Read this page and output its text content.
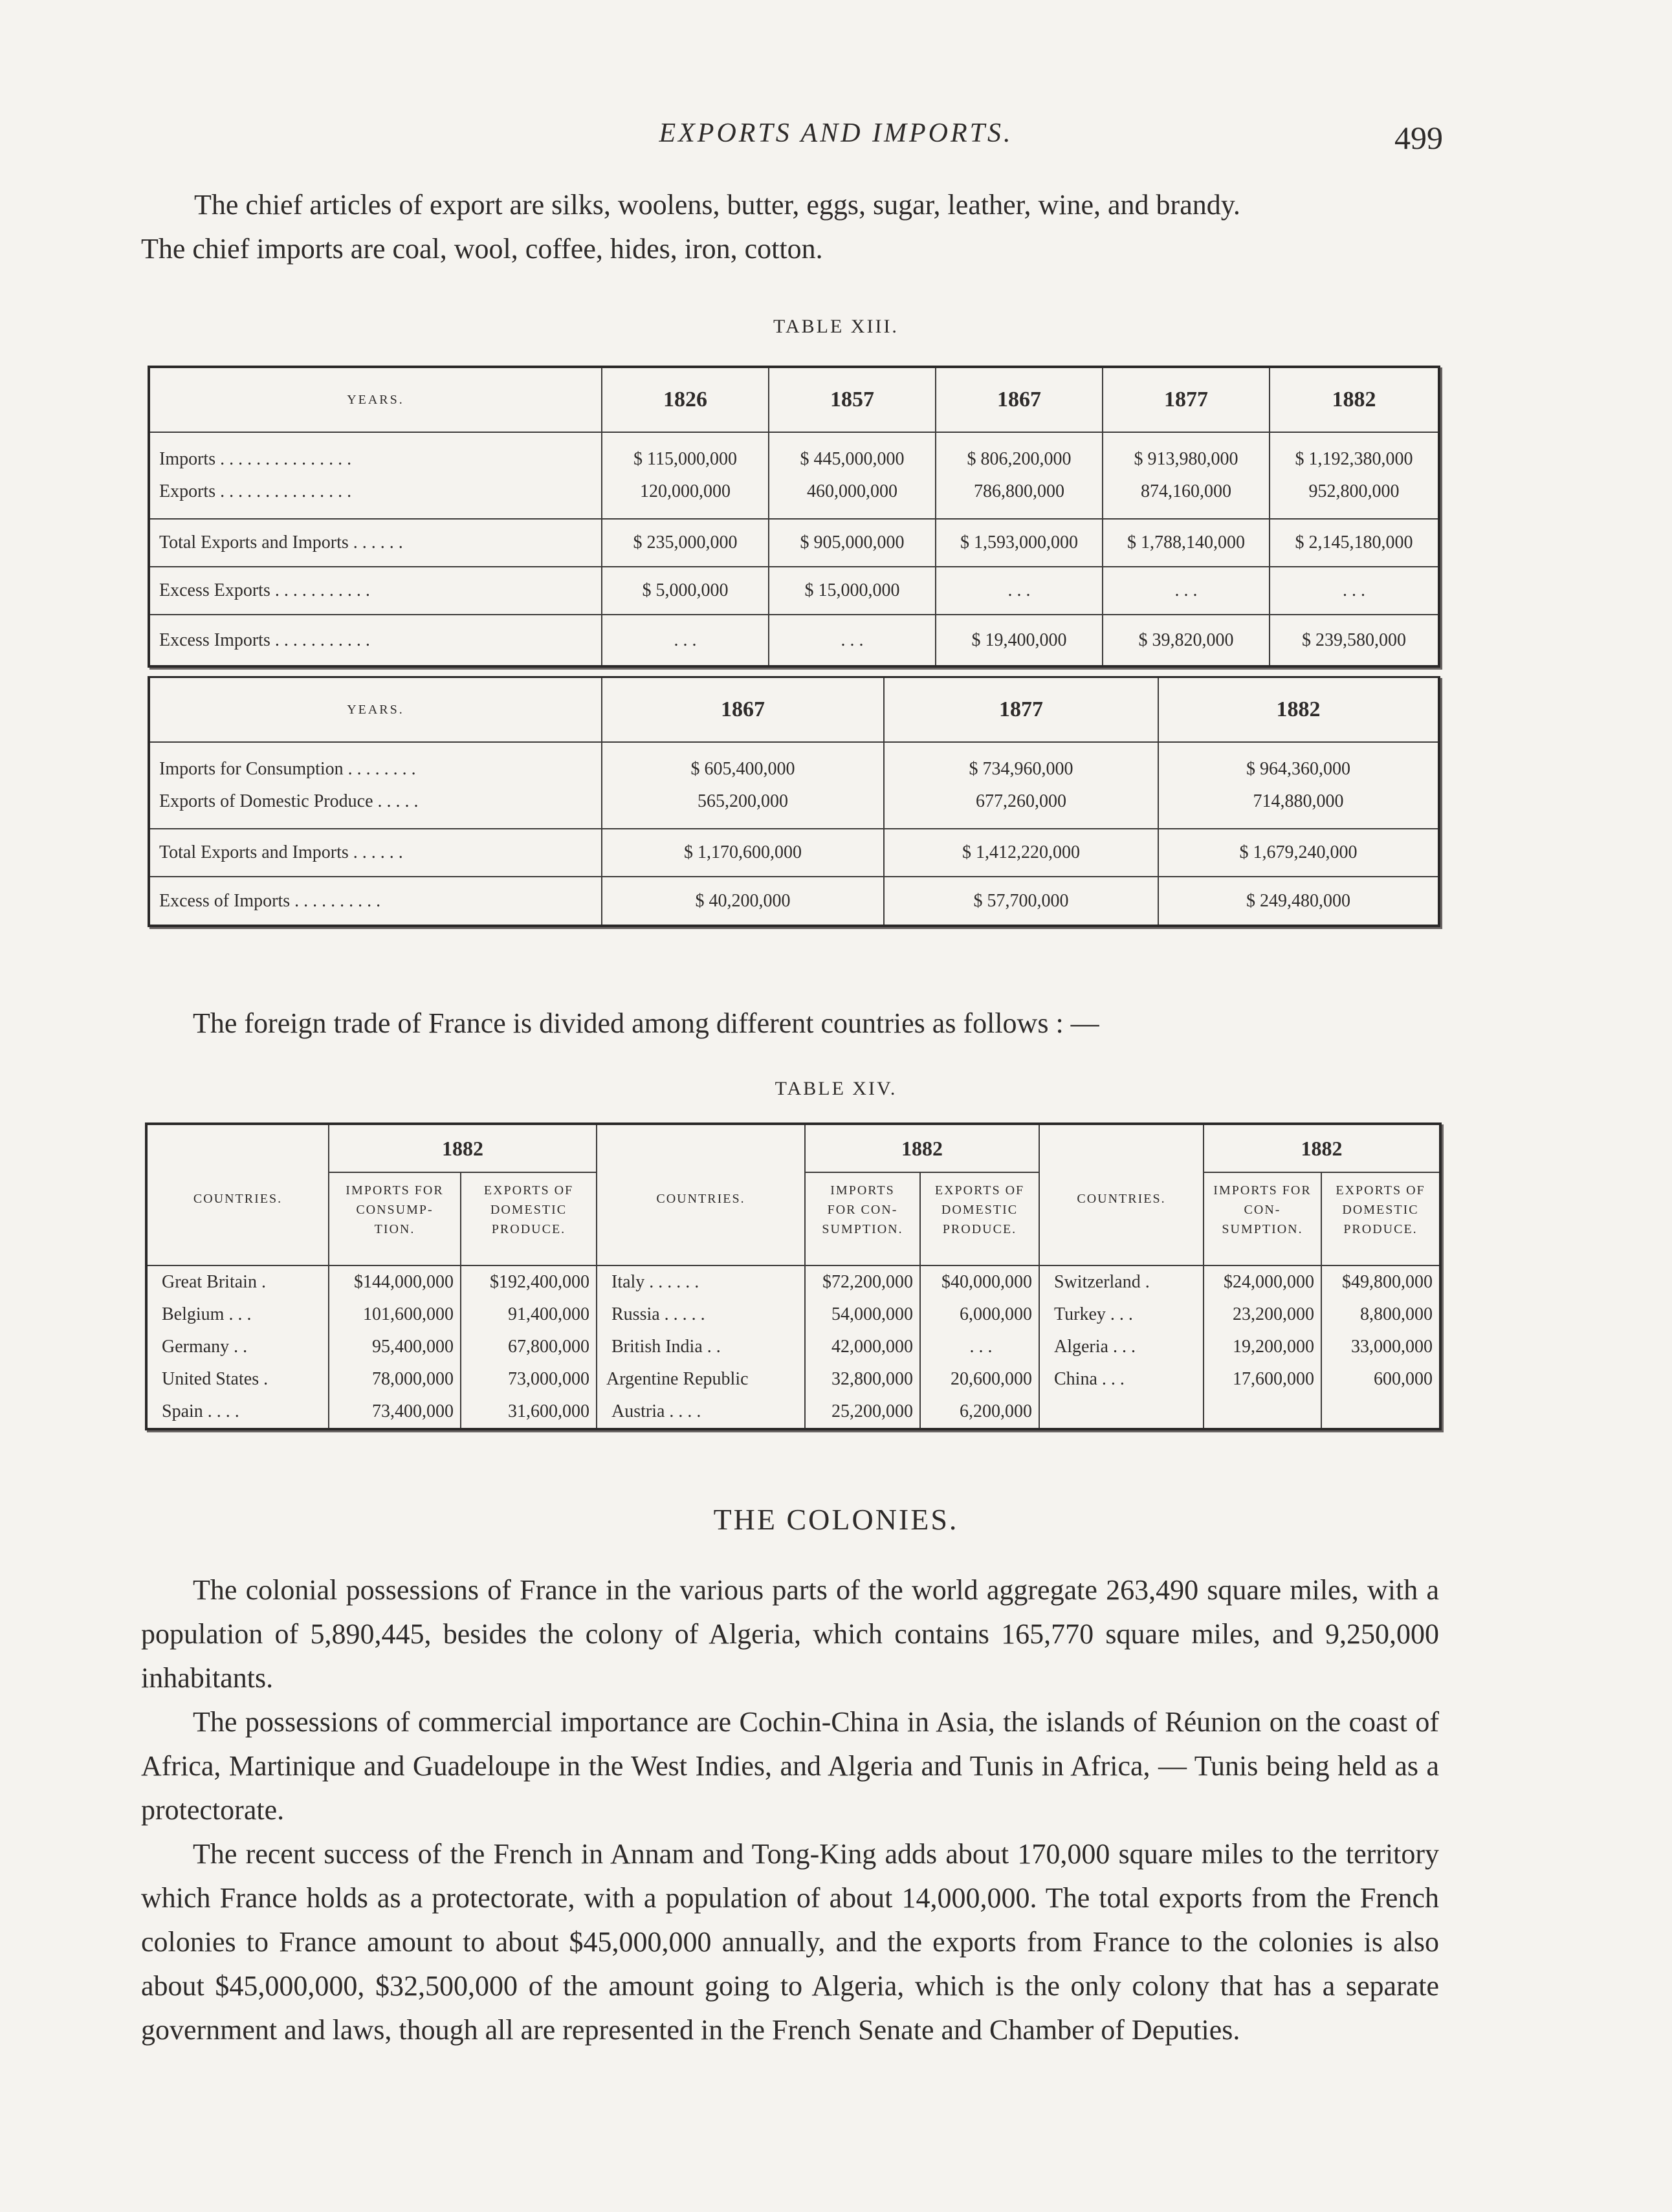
EXPORTS AND IMPORTS.	499

The chief articles of export are silks, woolens, butter, eggs, sugar, leather, wine, and brandy.
The chief imports are coal, wool, coffee, hides, iron, cotton.

TABLE XIII.
YEARS.	1826	1857	1867	1877	1882

Imports . . . . . . . . . . . . . . .	$ 115,000,000	$ 445,000,000	$ 806,200,000	$ 913,980,000	$ 1,192,380,000
Exports . . . . . . . . . . . . . . .	120,000,000	460,000,000	786,800,000	874,160,000	952,800,000

Total Exports and Imports . . . . . .	$ 235,000,000	$ 905,000,000	$ 1,593,000,000	$ 1,788,140,000	$ 2,145,180,000
Excess Exports . . . . . . . . . . .	$ 5,000,000	$ 15,000,000	. . .	. . .	. . .
Excess Imports . . . . . . . . . . .	. . .	. . .	$ 19,400,000	$ 39,820,000	$ 239,580,000
YEARS.	1867	1877	1882

Imports for Consumption . . . . . . . .	$ 605,400,000	$ 734,960,000	$ 964,360,000
Exports of Domestic Produce . . . . .	565,200,000	677,260,000	714,880,000

Total Exports and Imports . . . . . .	$ 1,170,600,000	$ 1,412,220,000	$ 1,679,240,000
Excess of Imports . . . . . . . . . .	$ 40,200,000	$ 57,700,000	$ 249,480,000

The foreign trade of France is divided among different countries as follows : —

TABLE XIV.
COUNTRIES.	1882		COUNTRIES.	1882		COUNTRIES.	1882	
	IMPORTS FOR CONSUMP-TION.	EXPORTS OF DOMESTIC PRODUCE.		IMPORTS FOR CON-SUMPTION.	EXPORTS OF DOMESTIC PRODUCE.		IMPORTS FOR CON-SUMPTION.	EXPORTS OF DOMESTIC PRODUCE.
Great Britain .	$144,000,000	$192,400,000	Italy . . . . . .	$72,200,000	$40,000,000	Switzerland .	$24,000,000	$49,800,000
Belgium . . .	101,600,000	91,400,000	Russia . . . . .	54,000,000	6,000,000	Turkey . . .	23,200,000	8,800,000
Germany . .	95,400,000	67,800,000	British India . .	42,000,000	. . .	Algeria . . .	19,200,000	33,000,000
United States .	78,000,000	73,000,000	Argentine Republic	32,800,000	20,600,000	China . . .	17,600,000	600,000
Spain . . . .	73,400,000	31,600,000	Austria . . . .	25,200,000	6,200,000			
THE COLONIES.

The colonial possessions of France in the various parts of the world aggregate 263,490 square miles, with a population of 5,890,445, besides the colony of Algeria, which contains 165,770 square miles, and 9,250,000 inhabitants.

The possessions of commercial importance are Cochin-China in Asia, the islands of Réunion on the coast of Africa, Martinique and Guadeloupe in the West Indies, and Algeria and Tunis in Africa, — Tunis being held as a protectorate.

The recent success of the French in Annam and Tong-King adds about 170,000 square miles to the territory which France holds as a protectorate, with a population of about 14,000,000. The total exports from the French colonies to France amount to about $45,000,000 annually, and the exports from France to the colonies is also about $45,000,000, $32,500,000 of the amount going to Algeria, which is the only colony that has a separate government and laws, though all are represented in the French Senate and Chamber of Deputies.
